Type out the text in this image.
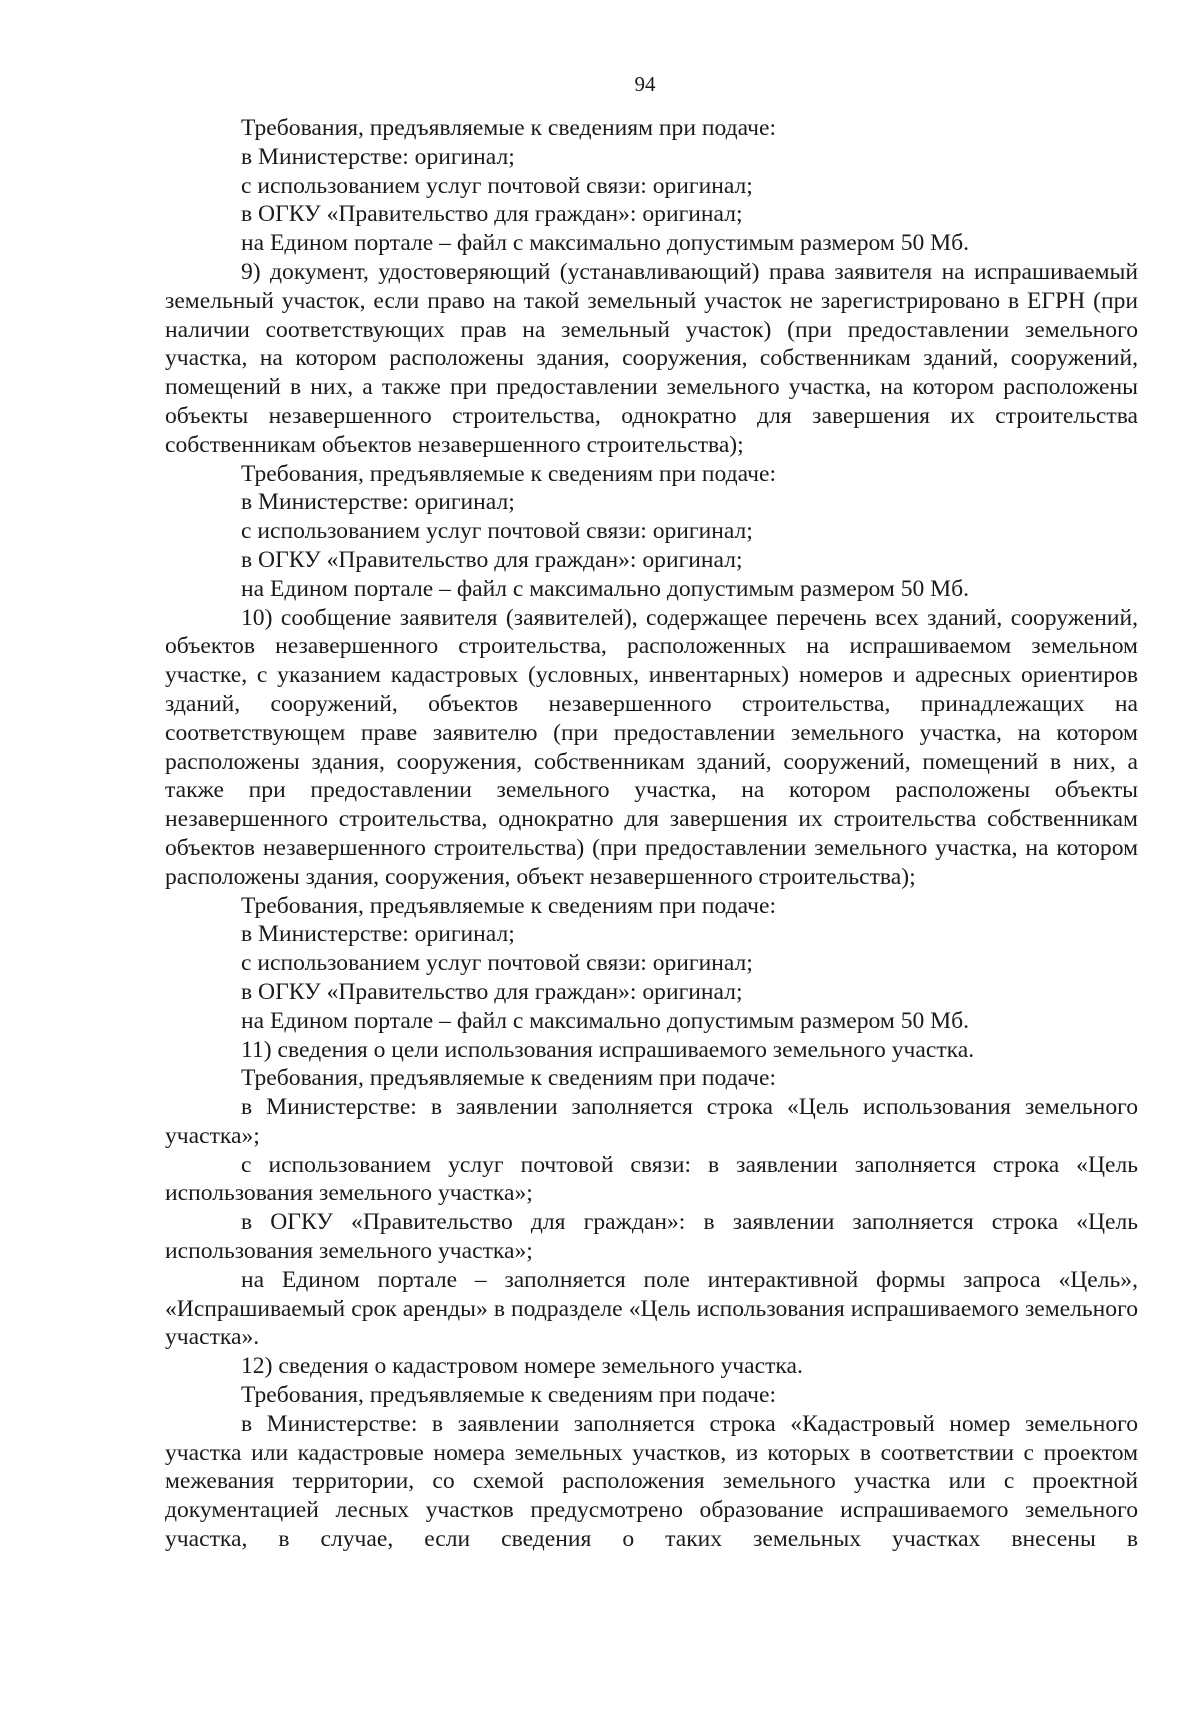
94

Требования, предъявляемые к сведениям при подаче:

в Министерстве: оригинал;

с использованием услуг почтовой связи: оригинал;

в ОГКУ «Правительство для граждан»: оригинал;

на Едином портале – файл с максимально допустимым размером 50 Мб.

9) документ, удостоверяющий (устанавливающий) права заявителя на испрашиваемый земельный участок, если право на такой земельный участок не зарегистрировано в ЕГРН (при наличии соответствующих прав на земельный участок) (при предоставлении земельного участка, на котором расположены здания, сооружения, собственникам зданий, сооружений, помещений в них, а также при предоставлении земельного участка, на котором расположены объекты незавершенного строительства, однократно для завершения их строительства собственникам объектов незавершенного строительства);

Требования, предъявляемые к сведениям при подаче:

в Министерстве: оригинал;

с использованием услуг почтовой связи: оригинал;

в ОГКУ «Правительство для граждан»: оригинал;

на Едином портале – файл с максимально допустимым размером 50 Мб.

10) сообщение заявителя (заявителей), содержащее перечень всех зданий, сооружений, объектов незавершенного строительства, расположенных на испрашиваемом земельном участке, с указанием кадастровых (условных, инвентарных) номеров и адресных ориентиров зданий, сооружений, объектов незавершенного строительства, принадлежащих на соответствующем праве заявителю (при предоставлении земельного участка, на котором расположены здания, сооружения, собственникам зданий, сооружений, помещений в них, а также при предоставлении земельного участка, на котором расположены объекты незавершенного строительства, однократно для завершения их строительства собственникам объектов незавершенного строительства) (при предоставлении земельного участка, на котором расположены здания, сооружения, объект незавершенного строительства);

Требования, предъявляемые к сведениям при подаче:

в Министерстве: оригинал;

с использованием услуг почтовой связи: оригинал;

в ОГКУ «Правительство для граждан»: оригинал;

на Едином портале – файл с максимально допустимым размером 50 Мб.

11) сведения о цели использования испрашиваемого земельного участка.

Требования, предъявляемые к сведениям при подаче:

в Министерстве: в заявлении заполняется строка «Цель использования земельного участка»;

с использованием услуг почтовой связи: в заявлении заполняется строка «Цель использования земельного участка»;

в ОГКУ «Правительство для граждан»: в заявлении заполняется строка «Цель использования земельного участка»;

на Едином портале – заполняется поле интерактивной формы запроса «Цель», «Испрашиваемый срок аренды» в подразделе «Цель использования испрашиваемого земельного участка».

12) сведения о кадастровом номере земельного участка.

Требования, предъявляемые к сведениям при подаче:

в Министерстве: в заявлении заполняется строка «Кадастровый номер земельного участка или кадастровые номера земельных участков, из которых в соответствии с проектом межевания территории, со схемой расположения земельного участка или с проектной документацией лесных участков предусмотрено образование испрашиваемого земельного участка, в случае, если сведения о таких земельных участках внесены в
